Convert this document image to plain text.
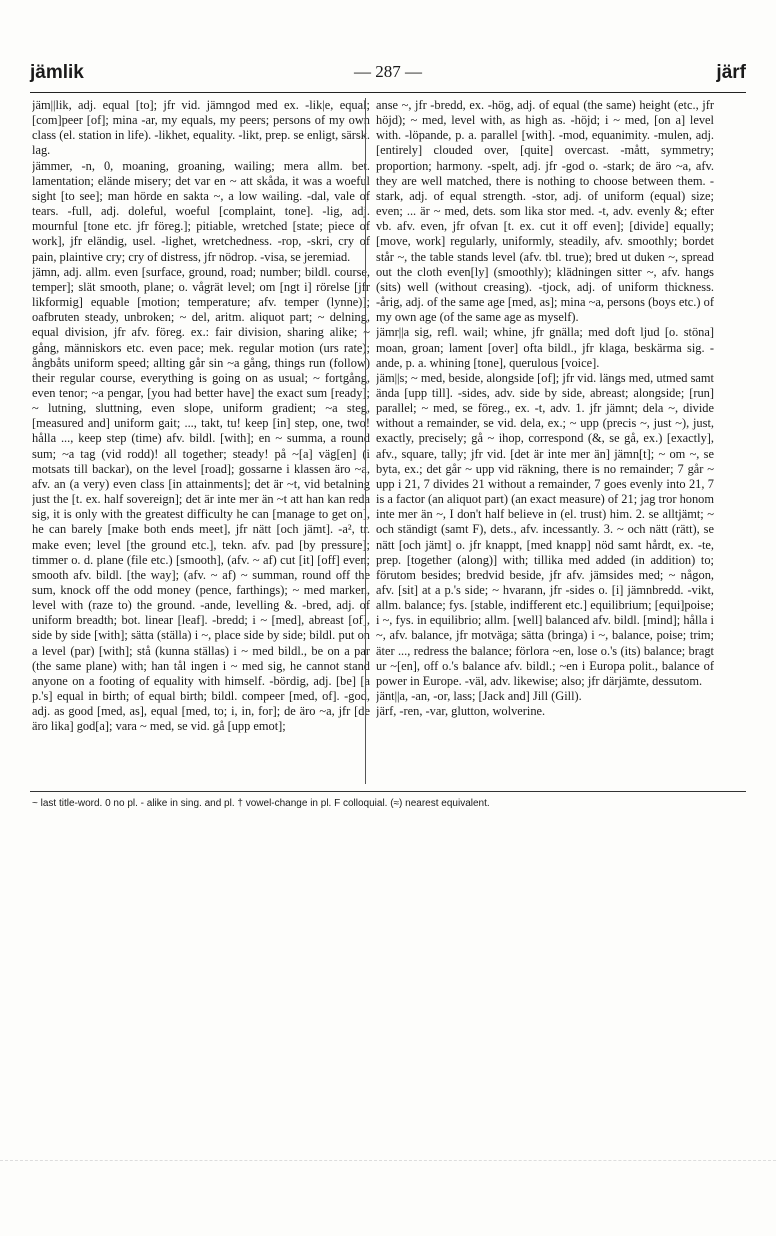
jämlik	— 287 —	järf

jäm||lik, adj. equal [to]; jfr vid. jämngod med ex. -lik|e, equal; [com]peer [of]; mina -ar, my equals, my peers; persons of my own class (el. station in life). -likhet, equality. -likt, prep. se enligt, särsk. lag.

jämmer, -n, 0, moaning, groaning, wailing; mera allm. bet. lamentation; elände misery; det var en ~ att skåda, it was a woeful sight [to see]; man hörde en sakta ~, a low wailing. -dal, vale of tears. -full, adj. doleful, woeful [complaint, tone]. -lig, adj. mournful [tone etc. jfr föreg.]; pitiable, wretched [state; piece of work], jfr eländig, usel. -lighet, wretchedness. -rop, -skri, cry of pain, plaintive cry; cry of distress, jfr nödrop. -visa, se jeremiad.

jämn, adj. allm. even [surface, ground, road; number; bildl. course, temper]; slät smooth, plane; o. vågrät level; om [ngt i] rörelse [jfr likformig] equable [motion; temperature; afv. temper (lynne)]; oafbruten steady, unbroken; ~ del, aritm. aliquot part; ~ delning, equal division, jfr afv. föreg. ex.: fair division, sharing alike; ~ gång, människors etc. even pace; mek. regular motion (urs rate); ångbåts uniform speed; allting går sin ~a gång, things run (follow) their regular course, everything is going on as usual; ~ fortgång, even tenor; ~a pengar, [you had better have] the exact sum [ready]; ~ lutning, sluttning, even slope, uniform gradient; ~a steg, [measured and] uniform gait; ..., takt, tu! keep [in] step, one, two! hålla ..., keep step (time) afv. bildl. [with]; en ~ summa, a round sum; ~a tag (vid rodd)! all together; steady! på ~[a] väg[en] (i motsats till backar), on the level [road]; gossarne i klassen äro ~a, afv. an (a very) even class [in attainments]; det är ~t, vid betalning just the [t. ex. half sovereign]; det är inte mer än ~t att han kan reda sig, it is only with the greatest difficulty he can [manage to get on], he can barely [make both ends meet], jfr nätt [och jämt]. -a², tr. make even; level [the ground etc.], tekn. afv. pad [by pressure]; timmer o. d. plane (file etc.) [smooth], (afv. ~ af) cut [it] [off] even; smooth afv. bildl. [the way]; (afv. ~ af) ~ summan, round off the sum, knock off the odd money (pence, farthings); ~ med marken, level with (raze to) the ground. -ande, levelling &. -bred, adj. of uniform breadth; bot. linear [leaf]. -bredd; i ~ [med], abreast [of], side by side [with]; sätta (ställa) i ~, place side by side; bildl. put on a level (par) [with]; stå (kunna ställas) i ~ med bildl., be on a par (the same plane) with; han tål ingen i ~ med sig, he cannot stand anyone on a footing of equality with himself. -bördig, adj. [be] [a p.'s] equal in birth; of equal birth; bildl. compeer [med, of]. -god, adj. as good [med, as], equal [med, to; i, in, for]; de äro ~a, jfr [de äro lika] god[a]; vara ~ med, se vid. gå [upp emot];

anse ~, jfr -bredd, ex. -hög, adj. of equal (the same) height (etc., jfr höjd); ~ med, level with, as high as. -höjd; i ~ med, [on a] level with. -löpande, p. a. parallel [with]. -mod, equanimity. -mulen, adj. [entirely] clouded over, [quite] overcast. -mått, symmetry; proportion; harmony. -spelt, adj. jfr -god o. -stark; de äro ~a, afv. they are well matched, there is nothing to choose between them. -stark, adj. of equal strength. -stor, adj. of uniform (equal) size; even; ... är ~ med, dets. som lika stor med. -t, adv. evenly &; efter vb. afv. even, jfr ofvan [t. ex. cut it off even]; [divide] equally; [move, work] regularly, uniformly, steadily, afv. smoothly; bordet står ~, the table stands level (afv. tbl. true); bred ut duken ~, spread out the cloth even[ly] (smoothly); klädningen sitter ~, afv. hangs (sits) well (without creasing). -tjock, adj. of uniform thickness. -årig, adj. of the same age [med, as]; mina ~a, persons (boys etc.) of my own age (of the same age as myself).

jämr||a sig, refl. wail; whine, jfr gnälla; med doft ljud [o. stöna] moan, groan; lament [over] ofta bildl., jfr klaga, beskärma sig. -ande, p. a. whining [tone], querulous [voice].

jäm||s; ~ med, beside, alongside [of]; jfr vid. längs med, utmed samt ända [upp till]. -sides, adv. side by side, abreast; alongside; [run] parallel; ~ med, se föreg., ex. -t, adv. 1. jfr jämnt; dela ~, divide without a remainder, se vid. dela, ex.; ~ upp (precis ~, just ~), just, exactly, precisely; gå ~ ihop, correspond (&, se gå, ex.) [exactly], afv., square, tally; jfr vid. [det är inte mer än] jämn[t]; ~ om ~, se byta, ex.; det går ~ upp vid räkning, there is no remainder; 7 går ~ upp i 21, 7 divides 21 without a remainder, 7 goes evenly into 21, 7 is a factor (an aliquot part) (an exact measure) of 21; jag tror honom inte mer än ~, I don't half believe in (el. trust) him. 2. se alltjämt; ~ och ständigt (samt F), dets., afv. incessantly. 3. ~ och nätt (rätt), se nätt [och jämt] o. jfr knappt, [med knapp] nöd samt hårdt, ex. -te, prep. [together (along)] with; tillika med added (in addition) to; förutom besides; bredvid beside, jfr afv. jämsides med; ~ någon, afv. [sit] at a p.'s side; ~ hvarann, jfr -sides o. [i] jämnbredd. -vikt, allm. balance; fys. [stable, indifferent etc.] equilibrium; [equi]poise; i ~, fys. in equilibrio; allm. [well] balanced afv. bildl. [mind]; hålla i ~, afv. balance, jfr motväga; sätta (bringa) i ~, balance, poise; trim; äter ..., redress the balance; förlora ~en, lose o.'s (its) balance; bragt ur ~[en], off o.'s balance afv. bildl.; ~en i Europa polit., balance of power in Europe. -väl, adv. likewise; also; jfr därjämte, dessutom.

jänt||a, -an, -or, lass; [Jack and] Jill (Gill).

järf, -ren, -var, glutton, wolverine.

~ last title-word. 0 no pl. - alike in sing. and pl. † vowel-change in pl. F colloquial. (≈) nearest equivalent.
